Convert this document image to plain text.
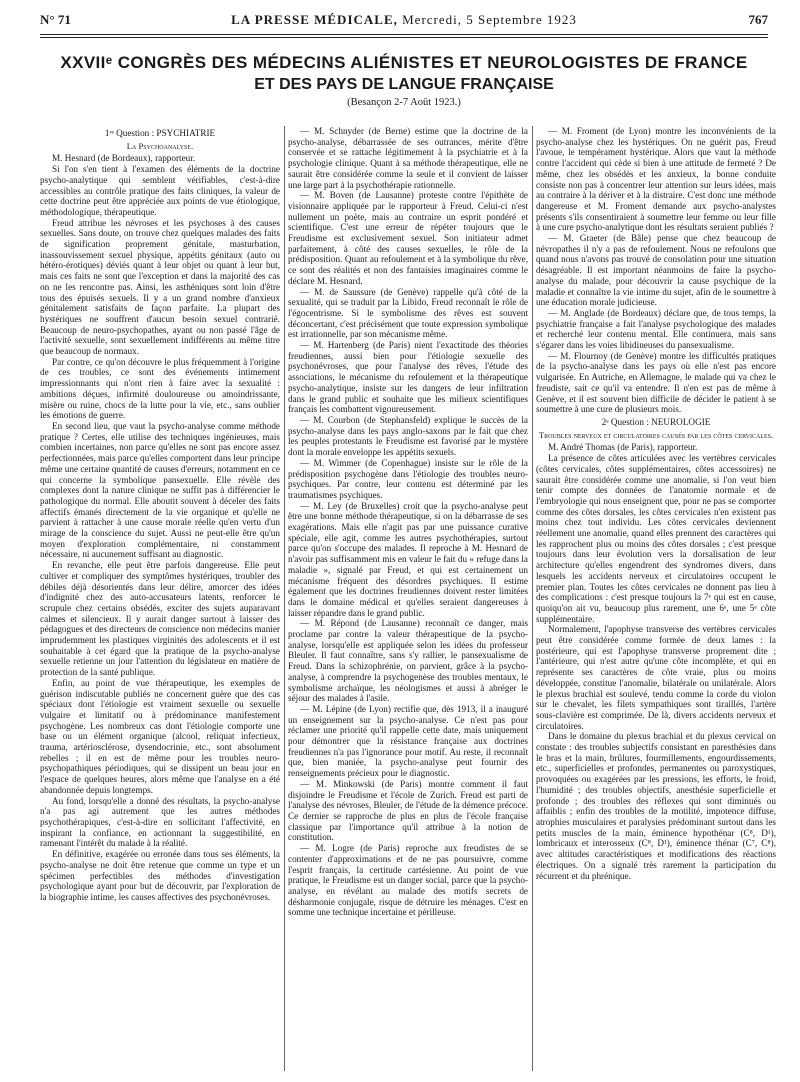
N° 71	LA PRESSE MÉDICALE, Mercredi, 5 Septembre 1923	767
XXVIIᵉ CONGRÈS DES MÉDECINS ALIÉNISTES ET NEUROLOGISTES DE FRANCE
ET DES PAYS DE LANGUE FRANÇAISE
(Besançon 2-7 Août 1923.)

1ʳᵉ Question : PSYCHIATRIE

La Psychoanalyse.

M. Hesnard (de Bordeaux), rapporteur.

Si l'on s'en tient à l'examen des éléments de la doctrine psycho-analytique qui semblent vérifiables, c'est-à-dire accessibles au contrôle pratique des faits cliniques, la valeur de cette doctrine peut être appréciée aux points de vue étiologique, méthodologique, thérapeutique.

Freud attribue les névroses et les psychoses à des causes sexuelles. Sans doute, on trouve chez quelques malades des faits de signification proprement génitale, masturbation, inassouvissement sexuel physique, appétits génitaux (auto ou hétéro-érotiques) déviés quant à leur objet ou quant à leur but, mais ces faits ne sont que l'exception et dans la majorité des cas on ne les rencontre pas. Ainsi, les asthéniques sont loin d'être tous des épuisés sexuels. Il y a un grand nombre d'anxieux génitalement satisfaits de façon parfaite. La plupart des hystériques ne souffrent d'aucun besoin sexuel contrarié. Beaucoup de neuro-psychopathes, ayant ou non passé l'âge de l'activité sexuelle, sont sexuellement indifférents au même titre que beaucoup de normaux.

Par contre, ce qu'on découvre le plus fréquemment à l'origine de ces troubles, ce sont des événements intimement impressionnants qui n'ont rien à faire avec la sexualité : ambitions déçues, infirmité douloureuse ou amoindrissante, misère ou ruine, chocs de la lutte pour la vie, etc., sans oublier les émotions de guerre.

En second lieu, que vaut la psycho-analyse comme méthode pratique ? Certes, elle utilise des techniques ingénieuses, mais combien incertaines, non parce qu'elles ne sont pas encore assez perfectionnées, mais parce qu'elles comportent dans leur principe même une certaine quantité de causes d'erreurs, notamment en ce qui concerne la symbolique pansexuelle. Elle révèle des complexes dont la nature clinique ne suffit pas à différencier le pathologique du normal. Elle aboutit souvent à déceler des faits affectifs émanés directement de la vie organique et qu'elle ne parvient à rattacher à une cause morale réelle qu'en vertu d'un mirage de la conscience du sujet. Aussi ne peut-elle être qu'un moyen d'exploration complémentaire, ni constamment nécessaire, ni aucunement suffisant au diagnostic.

En revanche, elle peut être parfois dangereuse. Elle peut cultiver et compliquer des symptômes hystériques, troubler des débiles déjà désorientés dans leur délire, amorcer des idées d'indignité chez des auto-accusateurs latents, renforcer le scrupule chez certains obsédés, exciter des sujets auparavant calmes et silencieux. Il y aurait danger surtout à laisser des pédagogues et des directeurs de conscience non médecins manier imprudemment les plastiques virginités des adolescents et il est souhaitable à cet égard que la pratique de la psycho-analyse sexuelle retienne un jour l'attention du législateur en matière de protection de la santé publique.

Enfin, au point de vue thérapeutique, les exemples de guérison indiscutable publiés ne concernent guère que des cas spéciaux dont l'étiologie est vraiment sexuelle ou sexuelle vulgaire et limitatif ou à prédominance manifestement psychogène. Les nombreux cas dont l'étiologie comporte une base ou un élément organique (alcool, reliquat infectieux, trauma, artériosclérose, dysendocrinie, etc., sont absolument rebelles ; il en est de même pour les troubles neuro-psychopathiques périodiques, qui se dissipent un beau jour en l'espace de quelques heures, alors même que l'analyse en a été abandonnée depuis longtemps.

Au fond, lorsqu'elle a donné des résultats, la psycho-analyse n'a pas agi autrement que les autres méthodes psychothérapiques, c'est-à-dire en sollicitant l'affectivité, en inspirant la confiance, en actionnant la suggestibilité, en ramenant l'intérêt du malade à la réalité.

En définitive, exagérée ou erronée dans tous ses éléments, la psycho-analyse ne doit être retenue que comme un type et un spécimen perfectibles des méthodes d'investigation psychologique ayant pour but de découvrir, par l'exploration de la biographie intime, les causes affectives des psychonévroses.

— M. Schnyder (de Berne) estime que la doctrine de la psycho-analyse, débarrassée de ses outrances, mérite d'être conservée et se rattache légitimement à la psychiatrie et à la psychologie clinique. Quant à sa méthode thérapeutique, elle ne saurait être considérée comme la seule et il convient de laisser une large part à la psychothérapie rationnelle.

— M. Boven (de Lausanne) proteste contre l'épithète de visionnaire appliquée par le rapporteur à Freud. Celui-ci n'est nullement un poète, mais au contraire un esprit pondéré et scientifique. C'est une erreur de répéter toujours que le Freudisme est exclusivement sexuel. Son initiateur admet parfaitement, à côté des causes sexuelles, le rôle de la prédisposition. Quant au refoulement et à la symbolique du rêve, ce sont des réalités et non des fantaisies imaginaires comme le déclare M. Hesnard.

— M. de Saussure (de Genève) rappelle qu'à côté de la sexualité, qui se traduit par la Libido, Freud reconnaît le rôle de l'égocentrisme. Si le symbolisme des rêves est souvent déconcertant, c'est précisément que toute expression symbolique est irrationnelle, par son mécanisme même.

— M. Hartenberg (de Paris) nient l'exactitude des théories freudiennes, aussi bien pour l'étiologie sexuelle des psychonévroses, que pour l'analyse des rêves, l'étude des associations, le mécanisme du refoulement et la thérapeutique psycho-analytique, insiste sur les dangers de leur infiltration dans le grand public et souhaite que les milieux scientifiques français les combattent vigoureusement.

— M. Courbon (de Stephansfeld) explique le succès de la psycho-analyse dans les pays anglo-saxons par le fait que chez les peuples protestants le Freudisme est favorisé par le mystère dont la morale enveloppe les appétits sexuels.

— M. Wimmer (de Copenhague) insiste sur le rôle de la prédisposition psychogène dans l'étiologie des troubles neuro-psychiques. Par contre, leur contenu est déterminé par les traumatismes psychiques.

— M. Ley (de Bruxelles) croit que la psycho-analyse peut être une bonne méthode thérapeutique, si on la débarrasse de ses exagérations. Mais elle n'agit pas par une puissance curative spéciale, elle agit, comme les autres psychothérapies, surtout parce qu'on s'occupe des malades. Il reproche à M. Hesnard de n'avoir pas suffisamment mis en valeur le fait du « refuge dans la maladie », signalé par Freud, et qui est certainement un mécanisme fréquent des désordres psychiques. Il estime également que les doctrines freudiennes doivent rester limitées dans le domaine médical et qu'elles seraient dangereuses à laisser répandre dans le grand public.

— M. Répond (de Lausanne) reconnaît ce danger, mais proclame par contre la valeur thérapeutique de la psycho-analyse, lorsqu'elle est appliquée selon les idées du professeur Bleuler. Il faut connaître, sans s'y rallier, le pansexualisme de Freud. Dans la schizophrénie, on parvient, grâce à la psycho-analyse, à comprendre la psychogenèse des troubles mentaux, le symbolisme archaïque, les néologismes et aussi à abréger le séjour des malades à l'asile.

— M. Lépine (de Lyon) rectifie que, dès 1913, il a inauguré un enseignement sur la psycho-analyse. Ce n'est pas pour réclamer une priorité qu'il rappelle cette date, mais uniquement pour démontrer que la résistance française aux doctrines freudiennes n'a pas l'ignorance pour motif. Au reste, il reconnaît que, bien maniée, la psycho-analyse peut fournir des renseignements précieux pour le diagnostic.

— M. Minkowski (de Paris) montre comment il faut disjoindre le Freudisme et l'école de Zurich. Freud est parti de l'analyse des névroses, Bleuler, de l'étude de la démence précoce. Ce dernier se rapproche de plus en plus de l'école française classique par l'importance qu'il attribue à la notion de constitution.

— M. Logre (de Paris) reproche aux freudistes de se contenter d'approximations et de ne pas poursuivre, comme l'esprit français, la certitude cartésienne. Au point de vue pratique, le Freudisme est un danger social, parce que la psycho-analyse, en révélant au malade des motifs secrets de désharmonie conjugale, risque de détruire les ménages. C'est en somme une technique incertaine et périlleuse.

— M. Froment (de Lyon) montre les inconvénients de la psycho-analyse chez les hystériques. On ne guérit pas, Freud l'avoue, le tempérament hystérique. Alors que vaut la méthode contre l'accident qui cède si bien à une attitude de fermeté ? De même, chez les obsédés et les anxieux, la bonne conduite consiste non pas à concentrer leur attention sur leurs idées, mais au contraire à la dériver et à la distraire. C'est donc une méthode dangereuse et M. Froment demande aux psycho-analystes présents s'ils consentiraient à soumettre leur femme ou leur fille à une cure psycho-analytique dont les résultats seraient publiés ?

— M. Graeter (de Bâle) pense que chez beaucoup de névropathes il n'y a pas de refoulement. Nous ne refoulons que quand nous n'avons pas trouvé de consolation pour une situation désagréable. Il est important néanmoins de faire la psycho-analyse du malade, pour découvrir la cause psychique de la maladie et connaître la vie intime du sujet, afin de le soumettre à une éducation morale judicieuse.

— M. Anglade (de Bordeaux) déclare que, de tous temps, la psychiatrie française a fait l'analyse psychologique des malades et recherché leur contenu mental. Elle continuera, mais sans s'égarer dans les voies libidineuses du pansexualisme.

— M. Flournoy (de Genève) montre les difficultés pratiques de la psycho-analyse dans les pays où elle n'est pas encore vulgarisée. En Autriche, en Allemagne, le malade qui va chez le freudiste, sait ce qu'il va entendre. Il n'en est pas de même à Genève, et il est souvent bien difficile de décider le patient à se soumettre à une cure de plusieurs mois.

2ᵉ Question : NEUROLOGIE

Troubles nerveux et circulatoires causés par les côtes cervicales.

M. André Thomas (de Paris), rapporteur.

La présence de côtes articulées avec les vertèbres cervicales (côtes cervicales, côtes supplémentaires, côtes accessoires) ne saurait être considérée comme une anomalie, si l'on veut bien tenir compte des données de l'anatomie normale et de l'embryologie qui nous enseignent que, pour ne pas se comporter comme des côtes dorsales, les côtes cervicales n'en existent pas moins chez tout individu. Les côtes cervicales deviennent réellement une anomalie, quand elles prennent des caractères qui les rapprochent plus ou moins des côtes dorsales ; c'est presque toujours dans leur évolution vers la dorsalisation de leur architecture qu'elles engendrent des syndromes divers, dans lesquels les accidents nerveux et circulatoires occupent le premier plan. Toutes les côtes cervicales ne donnent pas lieu à des complications : c'est presque toujours la 7ᵉ qui est en cause, quoiqu'on ait vu, beaucoup plus rarement, une 6ᵉ, une 5ᵉ côte supplémentaire.

Normalement, l'apophyse transverse des vertèbres cervicales peut être considérée comme formée de deux lames : la postérieure, qui est l'apophyse transverse proprement dite ; l'antérieure, qui n'est autre qu'une côte incomplète, et qui en représente ses caractères de côte vraie, plus ou moins développée, constitue l'anomalie, bilatérale ou unilatérale. Alors le plexus brachial est soulevé, tendu comme la corde du violon sur le chevalet, les filets sympathiques sont tiraillés, l'artère sous-clavière est comprimée. De là, divers accidents nerveux et circulatoires.

Dans le domaine du plexus brachial et du plexus cervical on constate : des troubles subjectifs consistant en paresthésies dans le bras et la main, brûlures, fourmillements, engourdissements, etc., superficielles et profondes, permanentes ou paroxystiques, provoquées ou exagérées par les pressions, les efforts, le froid, l'humidité ; des troubles objectifs, anesthésie superficielle et profonde ; des troubles des réflexes qui sont diminués ou affaiblis ; enfin des troubles de la motilité, impotence diffuse, atrophies musculaires et paralysies prédominant surtout dans les petits muscles de la main, éminence hypothénar (C⁸, D¹), lombricaux et interosseux (C⁸, D¹), éminence thénar (C⁷, C⁸), avec altitudes caractéristiques et modifications des réactions électriques. On a signalé très rarement la participation du récurrent et du phrénique.
